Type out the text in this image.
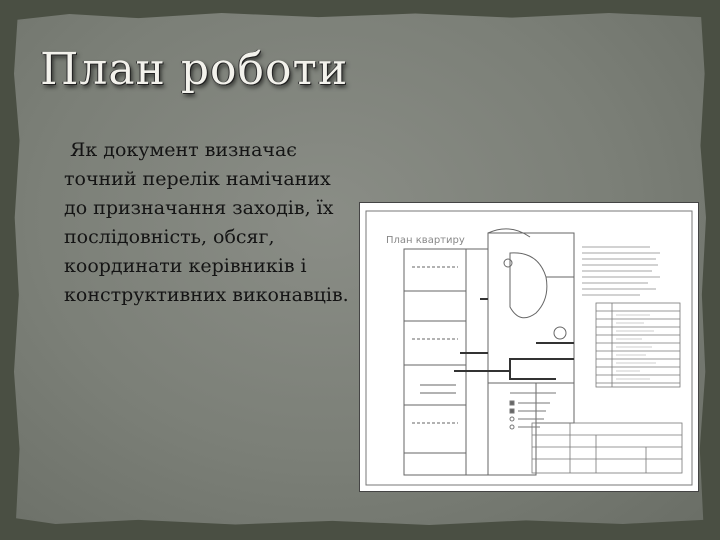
План роботи

Як документ визначає точний перелік намічаних до призначання заходів, їх послідовність, обсяг, координати керівників і конструктивних виконавців.

План квартиру
